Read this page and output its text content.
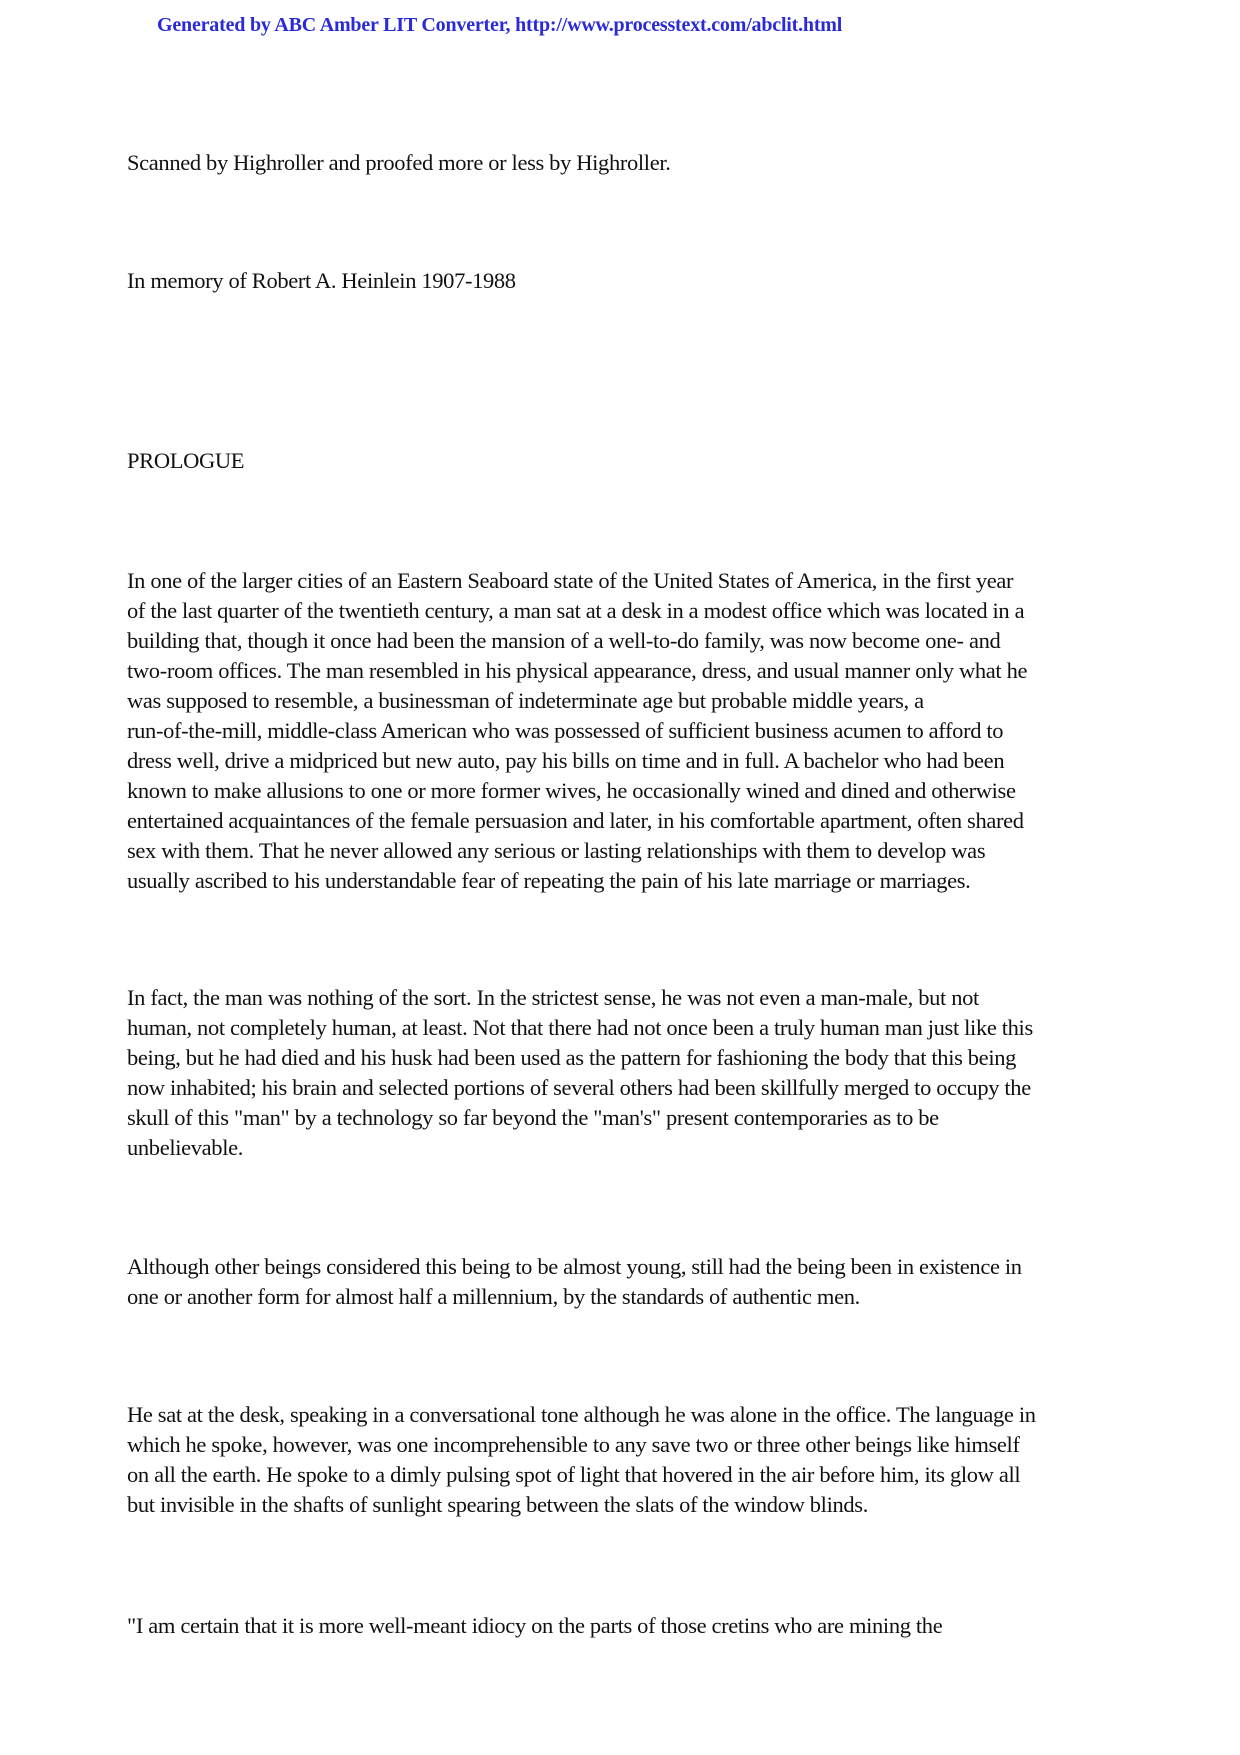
Generated by ABC Amber LIT Converter, http://www.processtext.com/abclit.html
Scanned by Highroller and proofed more or less by Highroller.
In memory of Robert A. Heinlein 1907-1988
PROLOGUE
In one of the larger cities of an Eastern Seaboard state of the United States of America, in the first year
of the last quarter of the twentieth century, a man sat at a desk in a modest office which was located in a
building that, though it once had been the mansion of a well-to-do family, was now become one- and
two-room offices. The man resembled in his physical appearance, dress, and usual manner only what he
was supposed to resemble, a businessman of indeterminate age but probable middle years, a
run-of-the-mill, middle-class American who was possessed of sufficient business acumen to afford to
dress well, drive a midpriced but new auto, pay his bills on time and in full. A bachelor who had been
known to make allusions to one or more former wives, he occasionally wined and dined and otherwise
entertained acquaintances of the female persuasion and later, in his comfortable apartment, often shared
sex with them. That he never allowed any serious or lasting relationships with them to develop was
usually ascribed to his understandable fear of repeating the pain of his late marriage or marriages.
In fact, the man was nothing of the sort. In the strictest sense, he was not even a man-male, but not
human, not completely human, at least. Not that there had not once been a truly human man just like this
being, but he had died and his husk had been used as the pattern for fashioning the body that this being
now inhabited; his brain and selected portions of several others had been skillfully merged to occupy the
skull of this "man" by a technology so far beyond the "man's" present contemporaries as to be
unbelievable.
Although other beings considered this being to be almost young, still had the being been in existence in
one or another form for almost half a millennium, by the standards of authentic men.
He sat at the desk, speaking in a conversational tone although he was alone in the office. The language in
which he spoke, however, was one incomprehensible to any save two or three other beings like himself
on all the earth. He spoke to a dimly pulsing spot of light that hovered in the air before him, its glow all
but invisible in the shafts of sunlight spearing between the slats of the window blinds.
"I am certain that it is more well-meant idiocy on the parts of those cretins who are mining the
